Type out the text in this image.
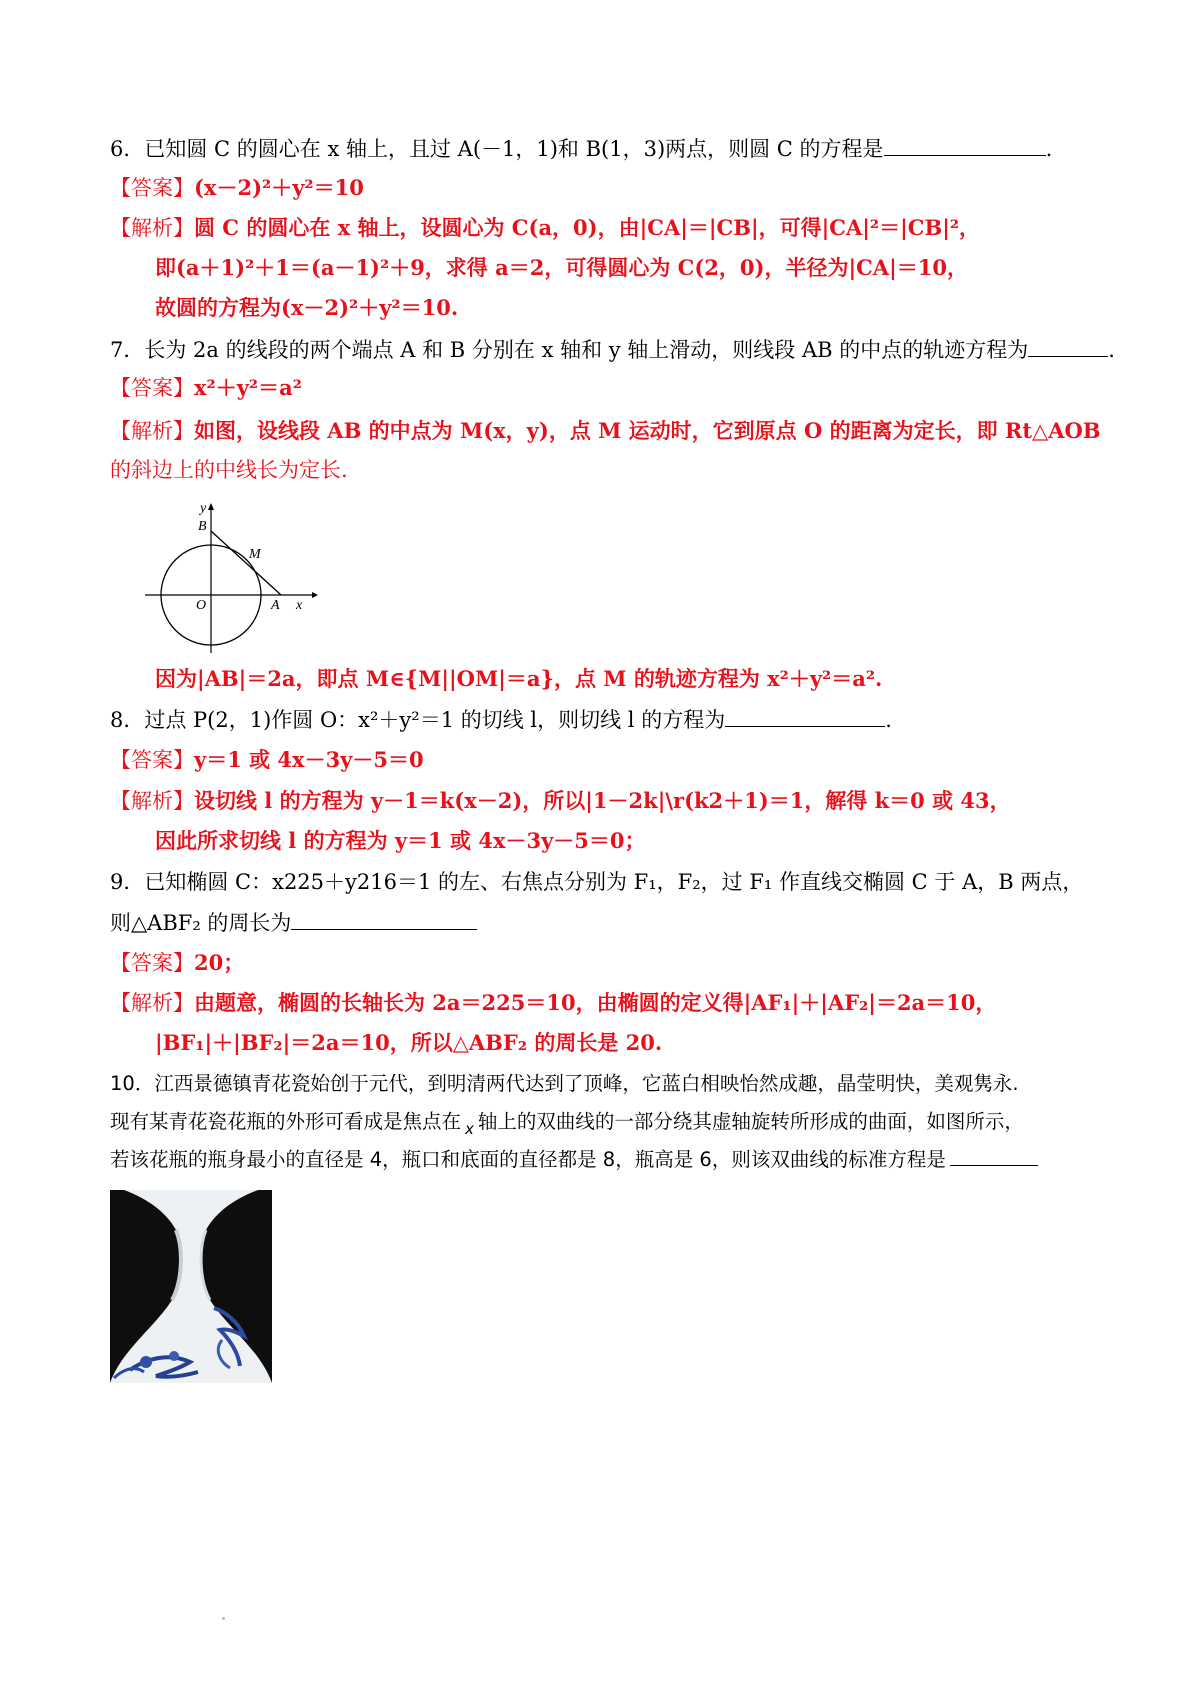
6．已知圆 C 的圆心在 x 轴上，且过 A(－1，1)和 B(1，3)两点，则圆 C 的方程是	.
【答案】(x－2)²＋y²＝10
【解析】圆 C 的圆心在 x 轴上，设圆心为 C(a，0)，由|CA|＝|CB|，可得|CA|²＝|CB|²，
即(a＋1)²＋1＝(a－1)²＋9，求得 a＝2，可得圆心为 C(2，0)，半径为|CA|＝10，
故圆的方程为(x－2)²＋y²＝10.
7．长为 2a 的线段的两个端点 A 和 B 分别在 x 轴和 y 轴上滑动，则线段 AB 的中点的轨迹方程为	.
【答案】x²＋y²＝a²
【解析】如图，设线段 AB 的中点为 M(x，y)，点 M 运动时，它到原点 O 的距离为定长，即 Rt△AOB
的斜边上的中线长为定长.
y
B
M
O	A x
因为|AB|＝2a，即点 M∈{M||OM|＝a}，点 M 的轨迹方程为 x²＋y²＝a².
8．过点 P(2，1)作圆 O：x²＋y²＝1 的切线 l，则切线 l 的方程为	.
【答案】y＝1 或 4x－3y－5＝0
【解析】设切线 l 的方程为 y－1＝k(x－2)，所以|1－2k|\r(k2＋1)＝1，解得 k＝0 或 43，
因此所求切线 l 的方程为 y＝1 或 4x－3y－5＝0；
9．已知椭圆 C：x225＋y216＝1 的左、右焦点分别为 F₁，F₂，过 F₁ 作直线交椭圆 C 于 A，B 两点，
则△ABF₂ 的周长为
【答案】20；
【解析】由题意，椭圆的长轴长为 2a＝225＝10，由椭圆的定义得|AF₁|＋|AF₂|＝2a＝10，
|BF₁|＋|BF₂|＝2a＝10，所以△ABF₂ 的周长是 20.
10．江西景德镇青花瓷始创于元代，到明清两代达到了顶峰，它蓝白相映怡然成趣，晶莹明快，美观隽永.
现有某青花瓷花瓶的外形可看成是焦点在 $_x$ 轴上的双曲线的一部分绕其虚轴旋转所形成的曲面，如图所示，
若该花瓶的瓶身最小的直径是 4，瓶口和底面的直径都是 8，瓶高是 6，则该双曲线的标准方程是
